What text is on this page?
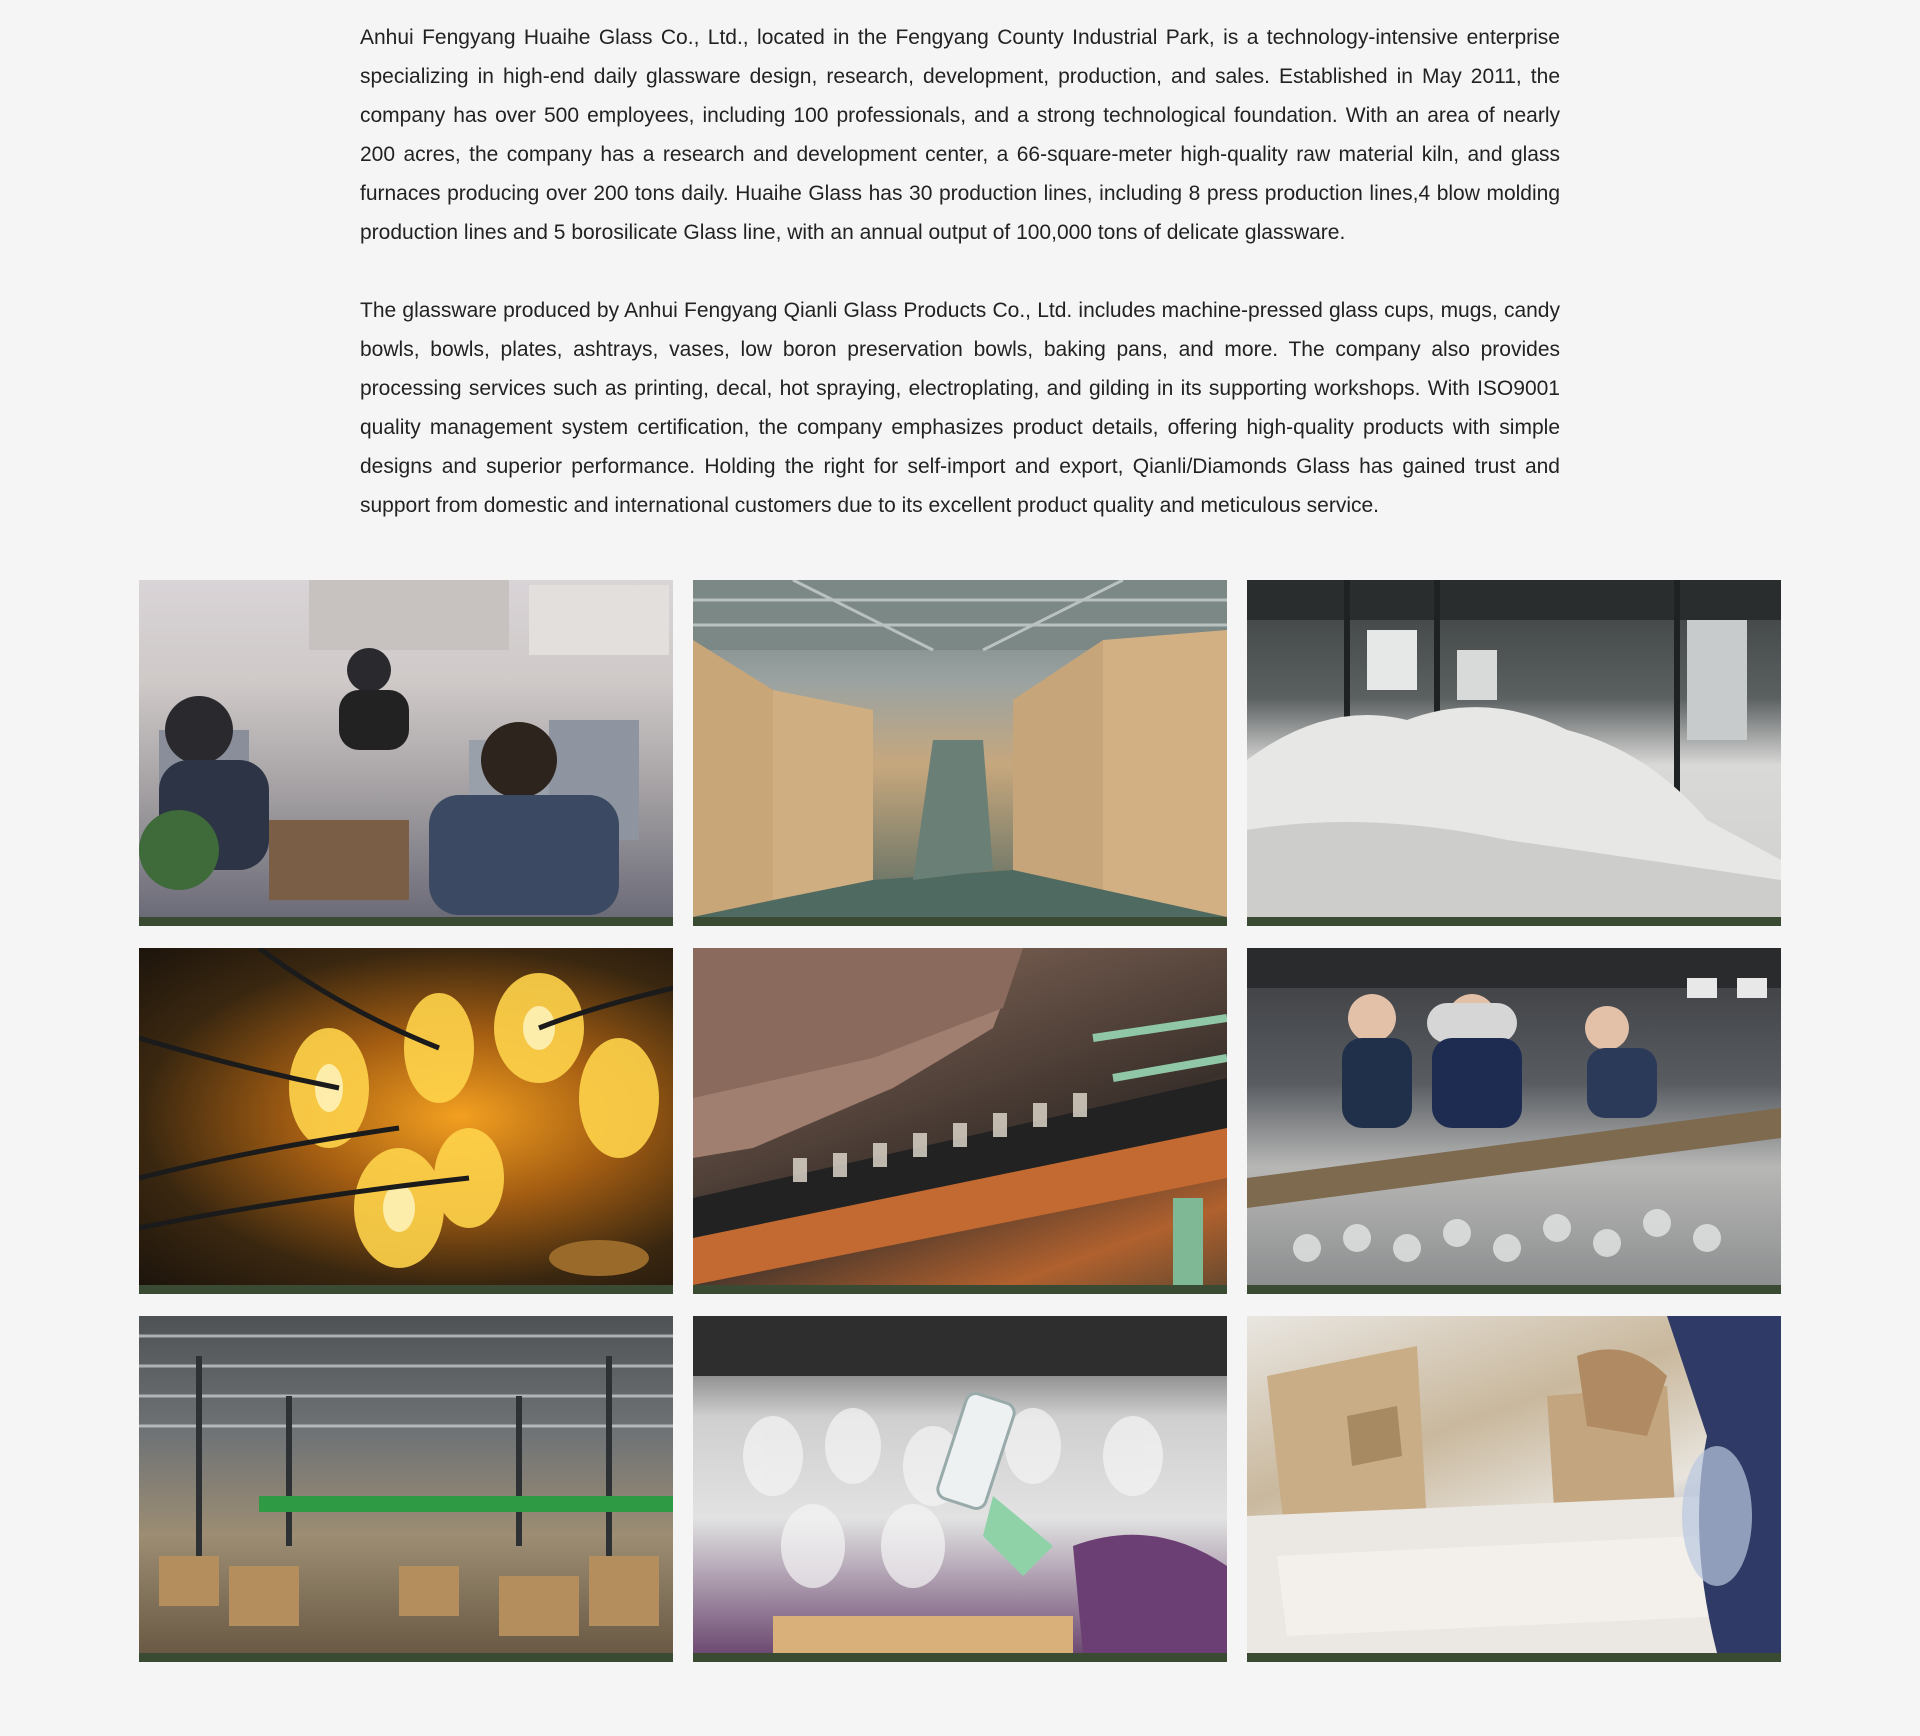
Anhui Fengyang Huaihe Glass Co., Ltd., located in the Fengyang County Industrial Park, is a technology-intensive enterprise specializing in high-end daily glassware design, research, development, production, and sales. Established in May 2011, the company has over 500 employees, including 100 professionals, and a strong technological foundation. With an area of nearly 200 acres, the company has a research and development center, a 66-square-meter high-quality raw material kiln, and glass furnaces producing over 200 tons daily. Huaihe Glass has 30 production lines, including 8 press production lines,4 blow molding production lines and 5 borosilicate Glass line, with an annual output of 100,000 tons of delicate glassware.

The glassware produced by Anhui Fengyang Qianli Glass Products Co., Ltd. includes machine-pressed glass cups, mugs, candy bowls, bowls, plates, ashtrays, vases, low boron preservation bowls, baking pans, and more. The company also provides processing services such as printing, decal, hot spraying, electroplating, and gilding in its supporting workshops. With ISO9001 quality management system certification, the company emphasizes product details, offering high-quality products with simple designs and superior performance. Holding the right for self-import and export, Qianli/Diamonds Glass has gained trust and support from domestic and international customers due to its excellent product quality and meticulous service.
